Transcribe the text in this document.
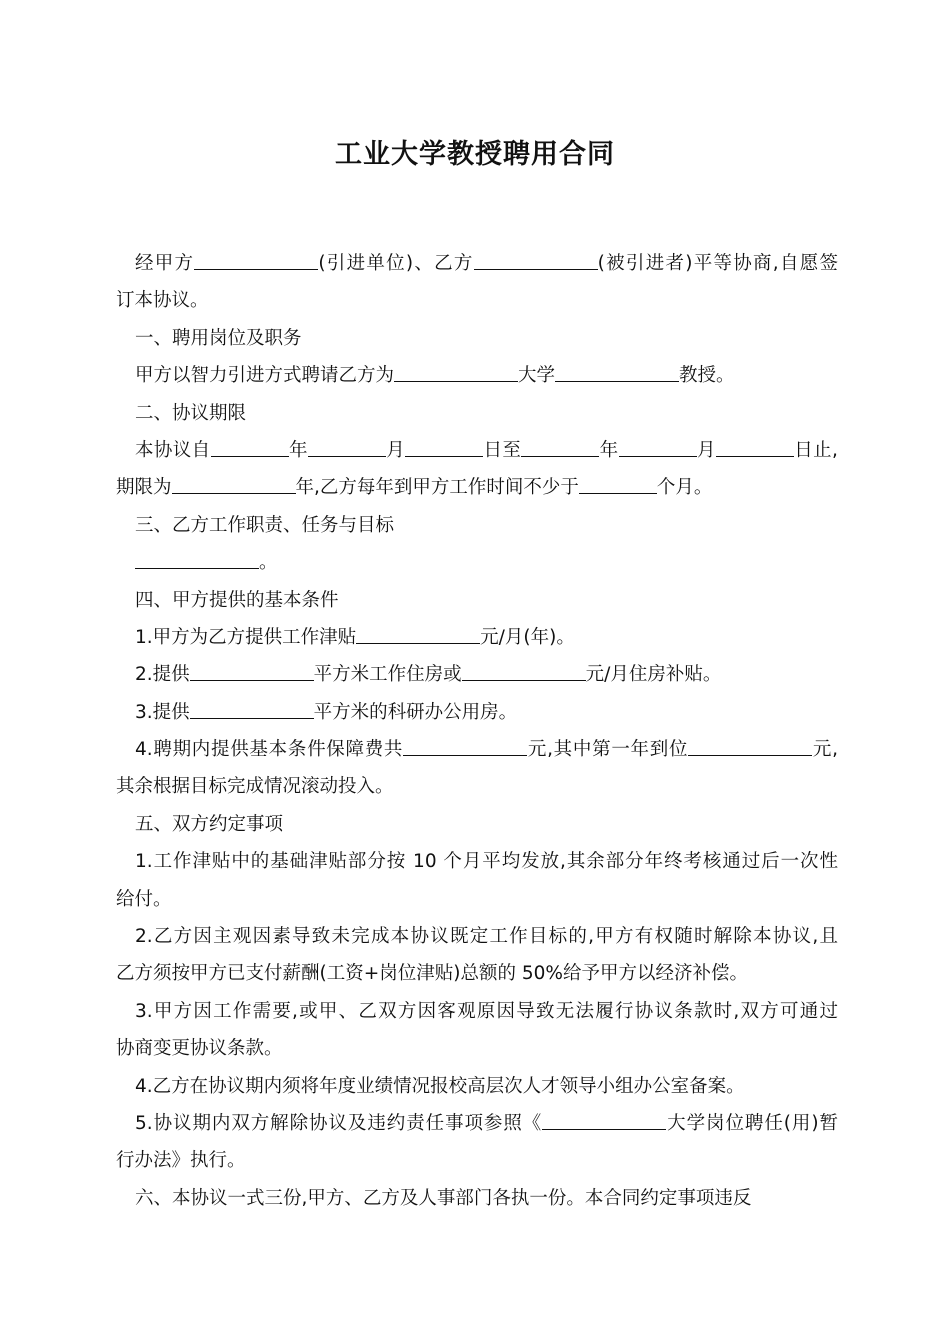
工业大学教授聘用合同
经甲方	(引进单位)、乙方	(被引进者)平等协商,自愿签
订本协议。
一、聘用岗位及职务
甲方以智力引进方式聘请乙方为	大学	教授。
二、协议期限
本协议自	年	月	日至	年	月	日止,
期限为	年,乙方每年到甲方工作时间不少于	个月。
三、乙方工作职责、任务与目标
。
四、甲方提供的基本条件
1.甲方为乙方提供工作津贴	元/月(年)。
2.提供	平方米工作住房或	元/月住房补贴。
3.提供	平方米的科研办公用房。
4.聘期内提供基本条件保障费共	元,其中第一年到位	元,
其余根据目标完成情况滚动投入。
五、双方约定事项
1.工作津贴中的基础津贴部分按 10 个月平均发放,其余部分年终考核通过后一次性
给付。
2.乙方因主观因素导致未完成本协议既定工作目标的,甲方有权随时解除本协议,且
乙方须按甲方已支付薪酬(工资+岗位津贴)总额的 50%给予甲方以经济补偿。
3.甲方因工作需要,或甲、乙双方因客观原因导致无法履行协议条款时,双方可通过
协商变更协议条款。
4.乙方在协议期内须将年度业绩情况报校高层次人才领导小组办公室备案。
5.协议期内双方解除协议及违约责任事项参照《	大学岗位聘任(用)暂
行办法》执行。
六、本协议一式三份,甲方、乙方及人事部门各执一份。本合同约定事项违反
